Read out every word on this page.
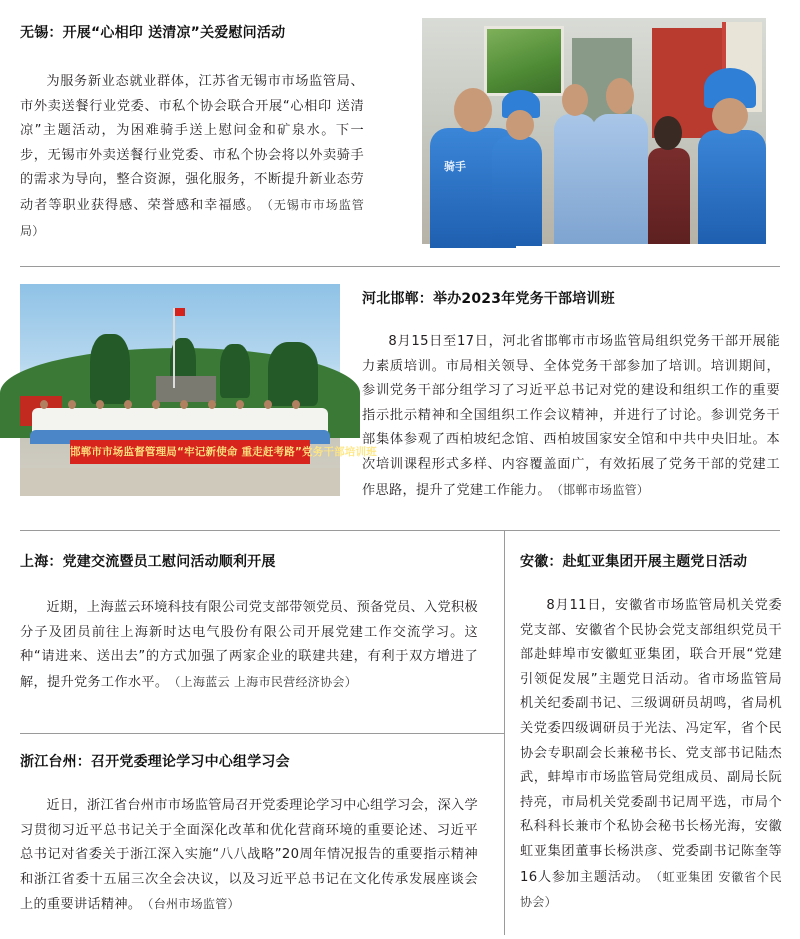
无锡：开展“心相印 送清凉”关爱慰问活动
为服务新业态就业群体，江苏省无锡市市场监管局、市外卖送餐行业党委、市私个协会联合开展“心相印 送清凉”主题活动，为困难骑手送上慰问金和矿泉水。下一步，无锡市外卖送餐行业党委、市私个协会将以外卖骑手的需求为导向，整合资源，强化服务，不断提升新业态劳动者等职业获得感、荣誉感和幸福感。 （无锡市市场监管局）
骑手
邯郸市市场监督管理局“牢记新使命 重走赶考路”党务干部培训班
河北邯郸：举办2023年党务干部培训班
8月15日至17日，河北省邯郸市市场监管局组织党务干部开展能力素质培训。市局相关领导、全体党务干部参加了培训。培训期间，参训党务干部分组学习了习近平总书记对党的建设和组织工作的重要指示批示精神和全国组织工作会议精神，并进行了讨论。参训党务干部集体参观了西柏坡纪念馆、西柏坡国家安全馆和中共中央旧址。本次培训课程形式多样、内容覆盖面广，有效拓展了党务干部的党建工作思路，提升了党建工作能力。 （邯郸市场监管）
上海：党建交流暨员工慰问活动顺利开展
近期，上海蓝云环境科技有限公司党支部带领党员、预备党员、入党积极分子及团员前往上海新时达电气股份有限公司开展党建工作交流学习。这种“请进来、送出去”的方式加强了两家企业的联建共建，有利于双方增进了解，提升党务工作水平。 （上海蓝云 上海市民营经济协会）
浙江台州：召开党委理论学习中心组学习会
近日，浙江省台州市市场监管局召开党委理论学习中心组学习会，深入学习贯彻习近平总书记关于全面深化改革和优化营商环境的重要论述、习近平总书记对省委关于浙江深入实施“八八战略”20周年情况报告的重要指示精神和浙江省委十五届三次全会决议，以及习近平总书记在文化传承发展座谈会上的重要讲话精神。 （台州市场监管）
安徽：赴虹亚集团开展主题党日活动
8月11日，安徽省市场监管局机关党委党支部、安徽省个民协会党支部组织党员干部赴蚌埠市安徽虹亚集团，联合开展“党建引领促发展”主题党日活动。省市场监管局机关纪委副书记、三级调研员胡鸣，省局机关党委四级调研员于光法、冯定军，省个民协会专职副会长兼秘书长、党支部书记陆杰武，蚌埠市市场监管局党组成员、副局长阮持亮，市局机关党委副书记周平选，市局个私科科长兼市个私协会秘书长杨光海，安徽虹亚集团董事长杨洪彦、党委副书记陈奎等16人参加主题活动。 （虹亚集团 安徽省个民协会）
